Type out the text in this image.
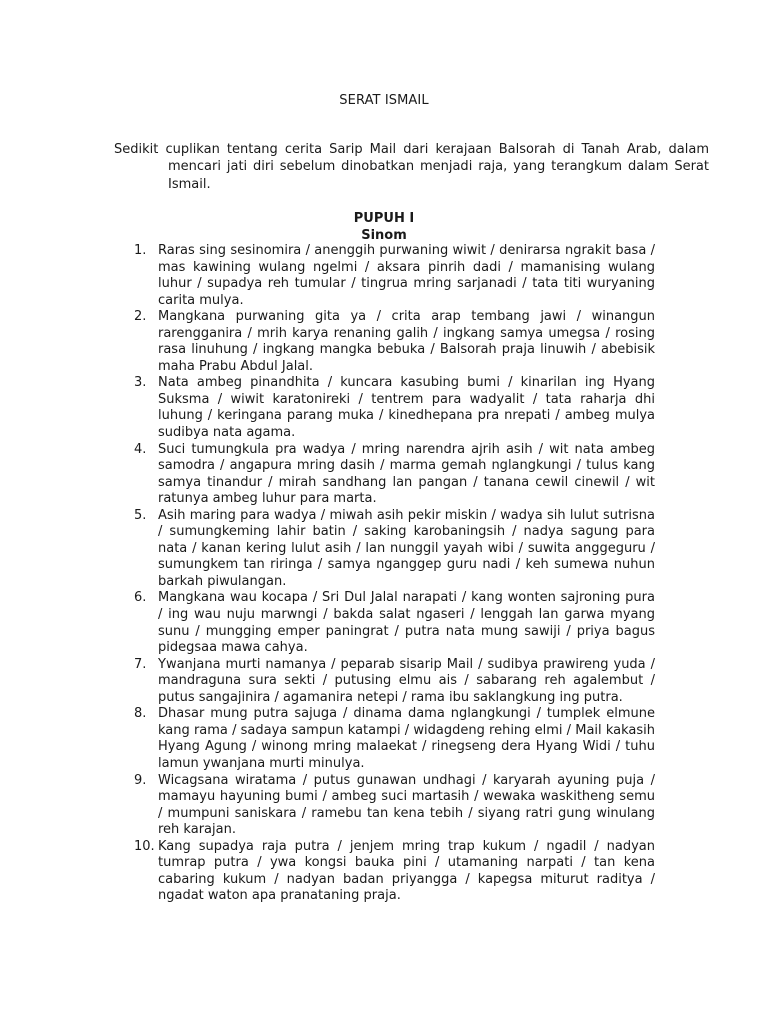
SERAT ISMAIL
Sedikit cuplikan tentang cerita Sarip Mail dari kerajaan Balsorah di Tanah Arab, dalam mencari jati diri sebelum dinobatkan menjadi raja, yang terangkum dalam Serat Ismail.
PUPUH I
Sinom
1. Raras sing sesinomira / anenggih purwaning wiwit / denirarsa ngrakit basa / mas kawining wulang ngelmi / aksara pinrih dadi / mamanising wulang luhur / supadya reh tumular / tingrua mring sarjanadi / tata titi wuryaning carita mulya.
2. Mangkana purwaning gita ya / crita arap tembang jawi / winangun rarengganira / mrih karya renaning galih / ingkang samya umegsa / rosing rasa linuhung / ingkang mangka bebuka / Balsorah praja linuwih / abebisik maha Prabu Abdul Jalal.
3. Nata ambeg pinandhita / kuncara kasubing bumi / kinarilan ing Hyang Suksma / wiwit karatonireki / tentrem para wadyalit / tata raharja dhi luhung / keringana parang muka / kinedhepana pra nrepati / ambeg mulya sudibya nata agama.
4. Suci tumungkula pra wadya / mring narendra ajrih asih / wit nata ambeg samodra / angapura mring dasih / marma gemah nglangkungi / tulus kang samya tinandur / mirah sandhang lan pangan / tanana cewil cinewil / wit ratunya ambeg luhur para marta.
5. Asih maring para wadya / miwah asih pekir miskin / wadya sih lulut sutrisna / sumungkeming lahir batin / saking karobaningsih / nadya sagung para nata / kanan kering lulut asih / lan nunggil yayah wibi / suwita anggeguru / sumungkem tan riringa / samya nganggep guru nadi / keh sumewa nuhun barkah piwulangan.
6. Mangkana wau kocapa / Sri Dul Jalal narapati / kang wonten sajroning pura / ing wau nuju marwngi / bakda salat ngaseri / lenggah lan garwa myang sunu / mungging emper paningrat / putra nata mung sawiji / priya bagus pidegsaa mawa cahya.
7. Ywanjana murti namanya / peparab sisarip Mail / sudibya prawireng yuda / mandraguna sura sekti / putusing elmu ais / sabarang reh agalembut / putus sangajinira / agamanira netepi / rama ibu saklangkung ing putra.
8. Dhasar mung putra sajuga / dinama dama nglangkungi / tumplek elmune kang rama / sadaya sampun katampi / widagdeng rehing elmi / Mail kakasih Hyang Agung / winong mring malaekat / rinegseng dera Hyang Widi / tuhu lamun ywanjana murti minulya.
9. Wicagsana wiratama / putus gunawan undhagi / karyarah ayuning puja / mamayu hayuning bumi / ambeg suci martasih / wewaka waskitheng semu / mumpuni saniskara / ramebu tan kena tebih / siyang ratri gung winulang reh karajan.
10. Kang supadya raja putra / jenjem mring trap kukum / ngadil / nadyan tumrap putra / ywa kongsi bauka pini / utamaning narpati / tan kena cabaring kukum / nadyan badan priyangga / kapegsa miturut raditya / ngadat waton apa pranataning praja.
